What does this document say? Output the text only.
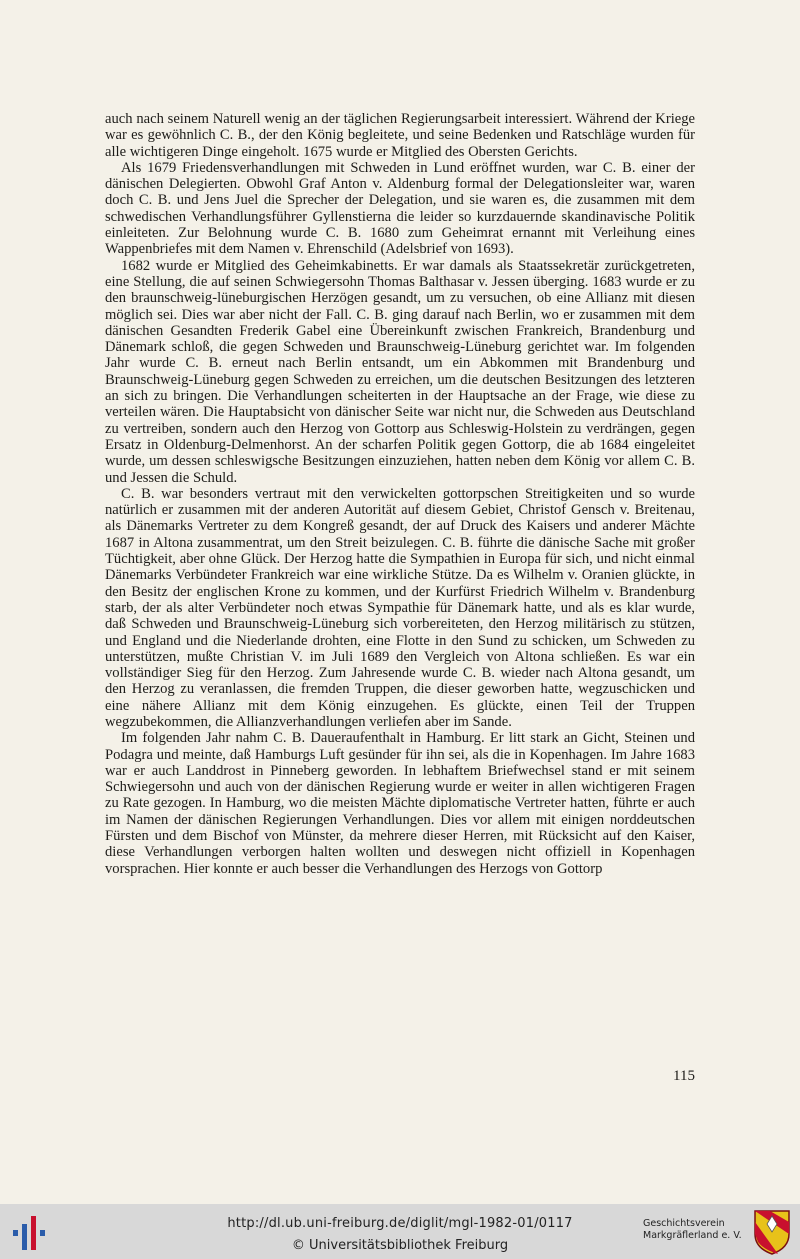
auch nach seinem Naturell wenig an der täglichen Regierungsarbeit interessiert. Während der Kriege war es gewöhnlich C. B., der den König begleitete, und seine Bedenken und Ratschläge wurden für alle wichtigeren Dinge eingeholt. 1675 wurde er Mitglied des Obersten Gerichts.

Als 1679 Friedensverhandlungen mit Schweden in Lund eröffnet wurden, war C. B. einer der dänischen Delegierten. Obwohl Graf Anton v. Aldenburg formal der Delegationsleiter war, waren doch C. B. und Jens Juel die Sprecher der Delegation, und sie waren es, die zusammen mit dem schwedischen Verhandlungsführer Gyllenstierna die leider so kurzdauernde skandinavische Politik einleiteten. Zur Belohnung wurde C. B. 1680 zum Geheimrat ernannt mit Verleihung eines Wappenbriefes mit dem Namen v. Ehrenschild (Adelsbrief von 1693).

1682 wurde er Mitglied des Geheimkabinetts. Er war damals als Staatssekretär zurückgetreten, eine Stellung, die auf seinen Schwiegersohn Thomas Balthasar v. Jessen überging. 1683 wurde er zu den braunschweig-lüneburgischen Herzögen gesandt, um zu versuchen, ob eine Allianz mit diesen möglich sei. Dies war aber nicht der Fall. C. B. ging darauf nach Berlin, wo er zusammen mit dem dänischen Gesandten Frederik Gabel eine Übereinkunft zwischen Frankreich, Brandenburg und Dänemark schloß, die gegen Schweden und Braunschweig-Lüneburg gerichtet war. Im folgenden Jahr wurde C. B. erneut nach Berlin entsandt, um ein Abkommen mit Brandenburg und Braunschweig-Lüneburg gegen Schweden zu erreichen, um die deutschen Besitzungen des letzteren an sich zu bringen. Die Verhandlungen scheiterten in der Hauptsache an der Frage, wie diese zu verteilen wären. Die Hauptabsicht von dänischer Seite war nicht nur, die Schweden aus Deutschland zu vertreiben, sondern auch den Herzog von Gottorp aus Schleswig-Holstein zu verdrängen, gegen Ersatz in Oldenburg-Delmenhorst. An der scharfen Politik gegen Gottorp, die ab 1684 eingeleitet wurde, um dessen schleswigsche Besitzungen einzuziehen, hatten neben dem König vor allem C. B. und Jessen die Schuld.

C. B. war besonders vertraut mit den verwickelten gottorpschen Streitigkeiten und so wurde natürlich er zusammen mit der anderen Autorität auf diesem Gebiet, Christof Gensch v. Breitenau, als Dänemarks Vertreter zu dem Kongreß gesandt, der auf Druck des Kaisers und anderer Mächte 1687 in Altona zusammentrat, um den Streit beizulegen. C. B. führte die dänische Sache mit großer Tüchtigkeit, aber ohne Glück. Der Herzog hatte die Sympathien in Europa für sich, und nicht einmal Dänemarks Verbündeter Frankreich war eine wirkliche Stütze. Da es Wilhelm v. Oranien glückte, in den Besitz der englischen Krone zu kommen, und der Kurfürst Friedrich Wilhelm v. Brandenburg starb, der als alter Verbündeter noch etwas Sympathie für Dänemark hatte, und als es klar wurde, daß Schweden und Braunschweig-Lüneburg sich vorbereiteten, den Herzog militärisch zu stützen, und England und die Niederlande drohten, eine Flotte in den Sund zu schicken, um Schweden zu unterstützen, mußte Christian V. im Juli 1689 den Vergleich von Altona schließen. Es war ein vollständiger Sieg für den Herzog. Zum Jahresende wurde C. B. wieder nach Altona gesandt, um den Herzog zu veranlassen, die fremden Truppen, die dieser geworben hatte, wegzuschicken und eine nähere Allianz mit dem König einzugehen. Es glückte, einen Teil der Truppen wegzubekommen, die Allianzverhandlungen verliefen aber im Sande.

Im folgenden Jahr nahm C. B. Daueraufenthalt in Hamburg. Er litt stark an Gicht, Steinen und Podagra und meinte, daß Hamburgs Luft gesünder für ihn sei, als die in Kopenhagen. Im Jahre 1683 war er auch Landdrost in Pinneberg geworden. In lebhaftem Briefwechsel stand er mit seinem Schwiegersohn und auch von der dänischen Regierung wurde er weiter in allen wichtigeren Fragen zu Rate gezogen. In Hamburg, wo die meisten Mächte diplomatische Vertreter hatten, führte er auch im Namen der dänischen Regierungen Verhandlungen. Dies vor allem mit einigen norddeutschen Fürsten und dem Bischof von Münster, da mehrere dieser Herren, mit Rücksicht auf den Kaiser, diese Verhandlungen verborgen halten wollten und deswegen nicht offiziell in Kopenhagen vorsprachen. Hier konnte er auch besser die Verhandlungen des Herzogs von Gottorp

115
http://dl.ub.uni-freiburg.de/diglit/mgl-1982-01/0117
© Universitätsbibliothek Freiburg
Geschichtsverein
Markgräflerland e. V.
